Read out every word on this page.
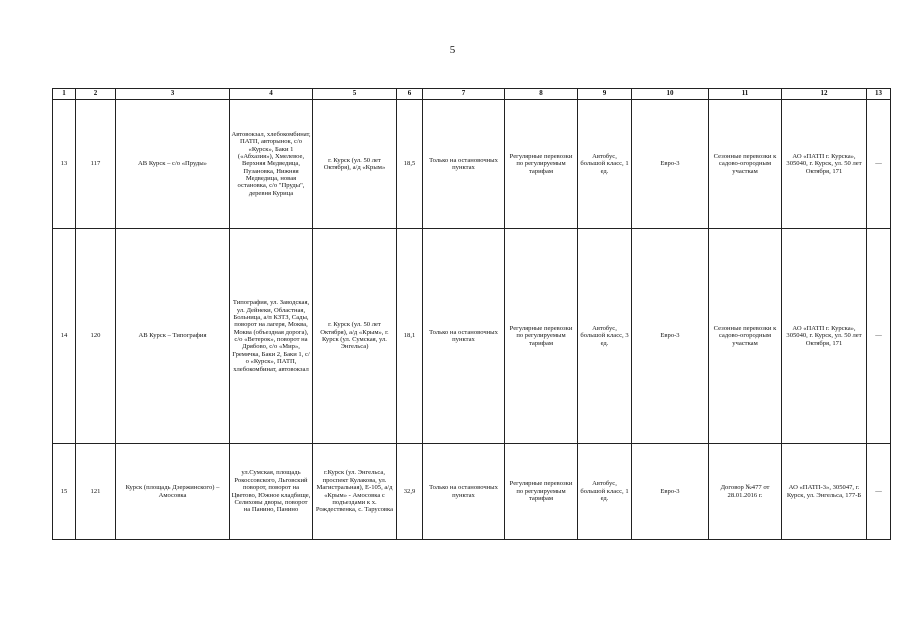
5
1	2	3	4	5	6	7	8	9	10	11	12	13
13	117	АВ Курск – с/о «Пруды»	Автовокзал, хлебокомбинат, ПАТП, авторынок, с/о «Курск», Баки 1 («Абхазия»), Хмелевое, Верхняя Медведица, Пузановка, Нижняя Медведица, новая остановка, с/о "Пруды", деревня Курица	г. Курск (ул. 50 лет Октября), а/д «Крым»	18,5	Только на остановочных пунктах	Регулярные перевозки по регулируемым тарифам	Автобус, большой класс, 1 ед.	Евро-3	Сезонные перевозки к садово-огородным участкам	АО «ПАТП г. Курска», 305040, г. Курск, ул. 50 лет Октября, 171	—
14	120	АВ Курск – Типография	Типография, ул. Заводская, ул. Дейнеки, Областная, Больница, а/п КЗТЗ, Сады, поворот на лагеря, Моква, Моква (объездная дорога), с/о «Ветерок», поворот на Дрябово, с/о «Мир», Гремячка, Баки 2, Баки 1, с/о «Курск», ПАТП, хлебокомбинат, автовокзал	г. Курск (ул. 50 лет Октября), а/д «Крым», г. Курск (ул. Сумская, ул. Энгельса)	18,1	Только на остановочных пунктах	Регулярные перевозки по регулируемым тарифам	Автобус, большой класс, 3 ед.	Евро-3	Сезонные перевозки к садово-огородным участкам	АО «ПАТП г. Курска», 305040, г. Курск, ул. 50 лет Октября, 171	—
15	121	Курск (площадь Дзержинского) – Амосовка	ул.Сумская, площадь Рокоссовского, Льговский поворот, поворот на Цветово, Южное кладбище, Селиховы дворы, поворот на Панино, Панино	г.Курск (ул. Энгельса, проспект Кулакова, ул. Магистральная), Е-105, а/д «Крым» - Амосовка с подъездами к х. Рождественка, с. Тарусовка	32,9	Только на остановочных пунктах	Регулярные перевозки по регулируемым тарифам	Автобус, большой класс, 1 ед.	Евро-3	Договор №477 от 28.01.2016 г.	АО «ПАТП-3», 305047, г. Курск, ул. Энгельса, 177-Б	—
